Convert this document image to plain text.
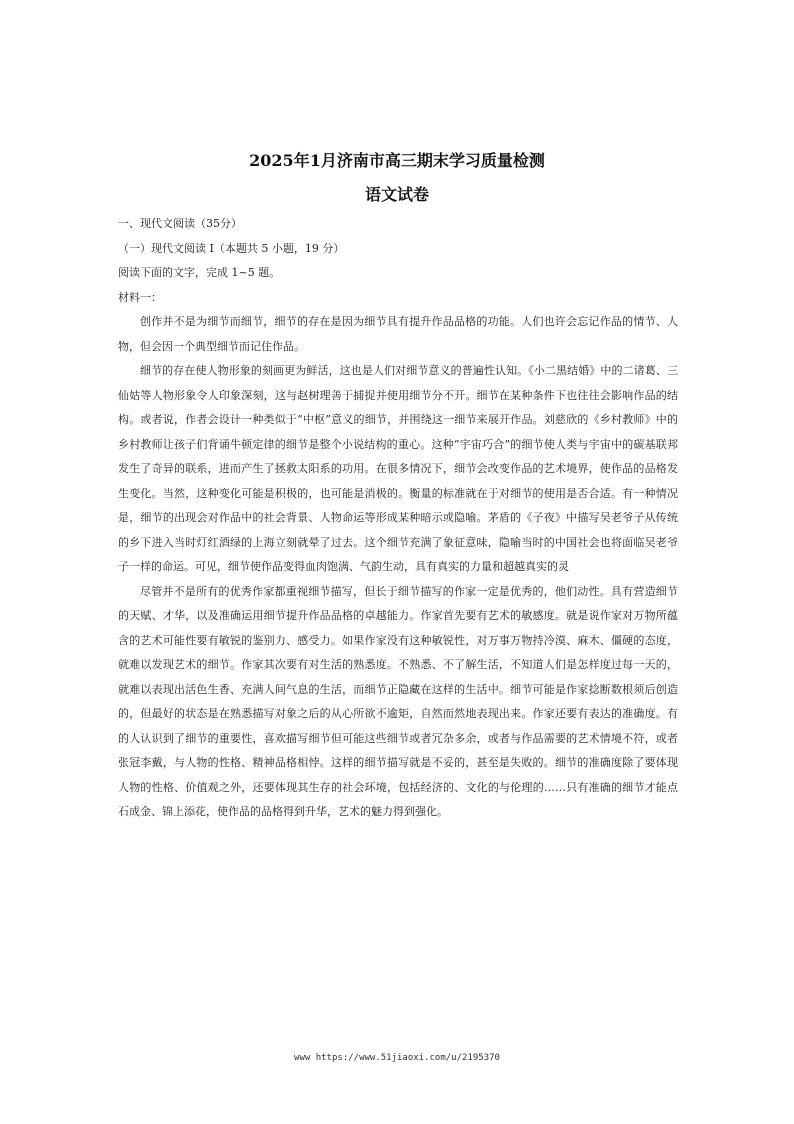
2025年1月济南市高三期末学习质量检测
语文试卷

一、现代文阅读（35分）

（一）现代文阅读 I（本题共 5 小题，19 分）

阅读下面的文字，完成 1~5 题。

材料一：

创作并不是为细节而细节，细节的存在是因为细节具有提升作品品格的功能。人们也许会忘记作品的情节、人物，但会因一个典型细节而记住作品。

细节的存在使人物形象的刻画更为鲜活，这也是人们对细节意义的普遍性认知。《小二黑结婚》中的二诸葛、三仙姑等人物形象令人印象深刻，这与赵树理善于捕捉并使用细节分不开。细节在某种条件下也往往会影响作品的结构。或者说，作者会设计一种类似于“中枢”意义的细节，并围绕这一细节来展开作品。刘慈欣的《乡村教师》中的乡村教师让孩子们背诵牛顿定律的细节是整个小说结构的重心。这种“宇宙巧合”的细节使人类与宇宙中的碳基联邦发生了奇异的联系，进而产生了拯救太阳系的功用。在很多情况下，细节会改变作品的艺术境界，使作品的品格发生变化。当然，这种变化可能是积极的，也可能是消极的。衡量的标准就在于对细节的使用是否合适。有一种情况是，细节的出现会对作品中的社会背景、人物命运等形成某种暗示或隐喻。茅盾的《子夜》中描写吴老爷子从传统的乡下进入当时灯红酒绿的上海立刻就晕了过去。这个细节充满了象征意味，隐喻当时的中国社会也将面临吴老爷子一样的命运。可见，细节使作品变得血肉饱满、气韵生动，具有真实的力量和超越真实的灵

尽管并不是所有的优秀作家都重视细节描写，但长于细节描写的作家一定是优秀的，他们动性。具有营造细节的天赋、才华，以及准确运用细节提升作品品格的卓越能力。作家首先要有艺术的敏感度。就是说作家对万物所蕴含的艺术可能性要有敏锐的鉴别力、感受力。如果作家没有这种敏锐性，对万事万物持冷漠、麻木、僵硬的态度，就难以发现艺术的细节。作家其次要有对生活的熟悉度。不熟悉、不了解生活，不知道人们是怎样度过每一天的，就难以表现出活色生香、充满人间气息的生活，而细节正隐藏在这样的生活中。细节可能是作家捻断数根须后创造的，但最好的状态是在熟悉描写对象之后的从心所欲不逾矩，自然而然地表现出来。作家还要有表达的准确度。有的人认识到了细节的重要性，喜欢描写细节但可能这些细节或者冗杂多余，或者与作品需要的艺术情境不符，或者张冠李戴，与人物的性格、精神品格相悖。这样的细节描写就是不妥的，甚至是失败的。细节的准确度除了要体现人物的性格、价值观之外，还要体现其生存的社会环境，包括经济的、文化的与伦理的……只有准确的细节才能点石成金、锦上添花，使作品的品格得到升华，艺术的魅力得到强化。

www https://www.51jiaoxi.com/u/2195370
